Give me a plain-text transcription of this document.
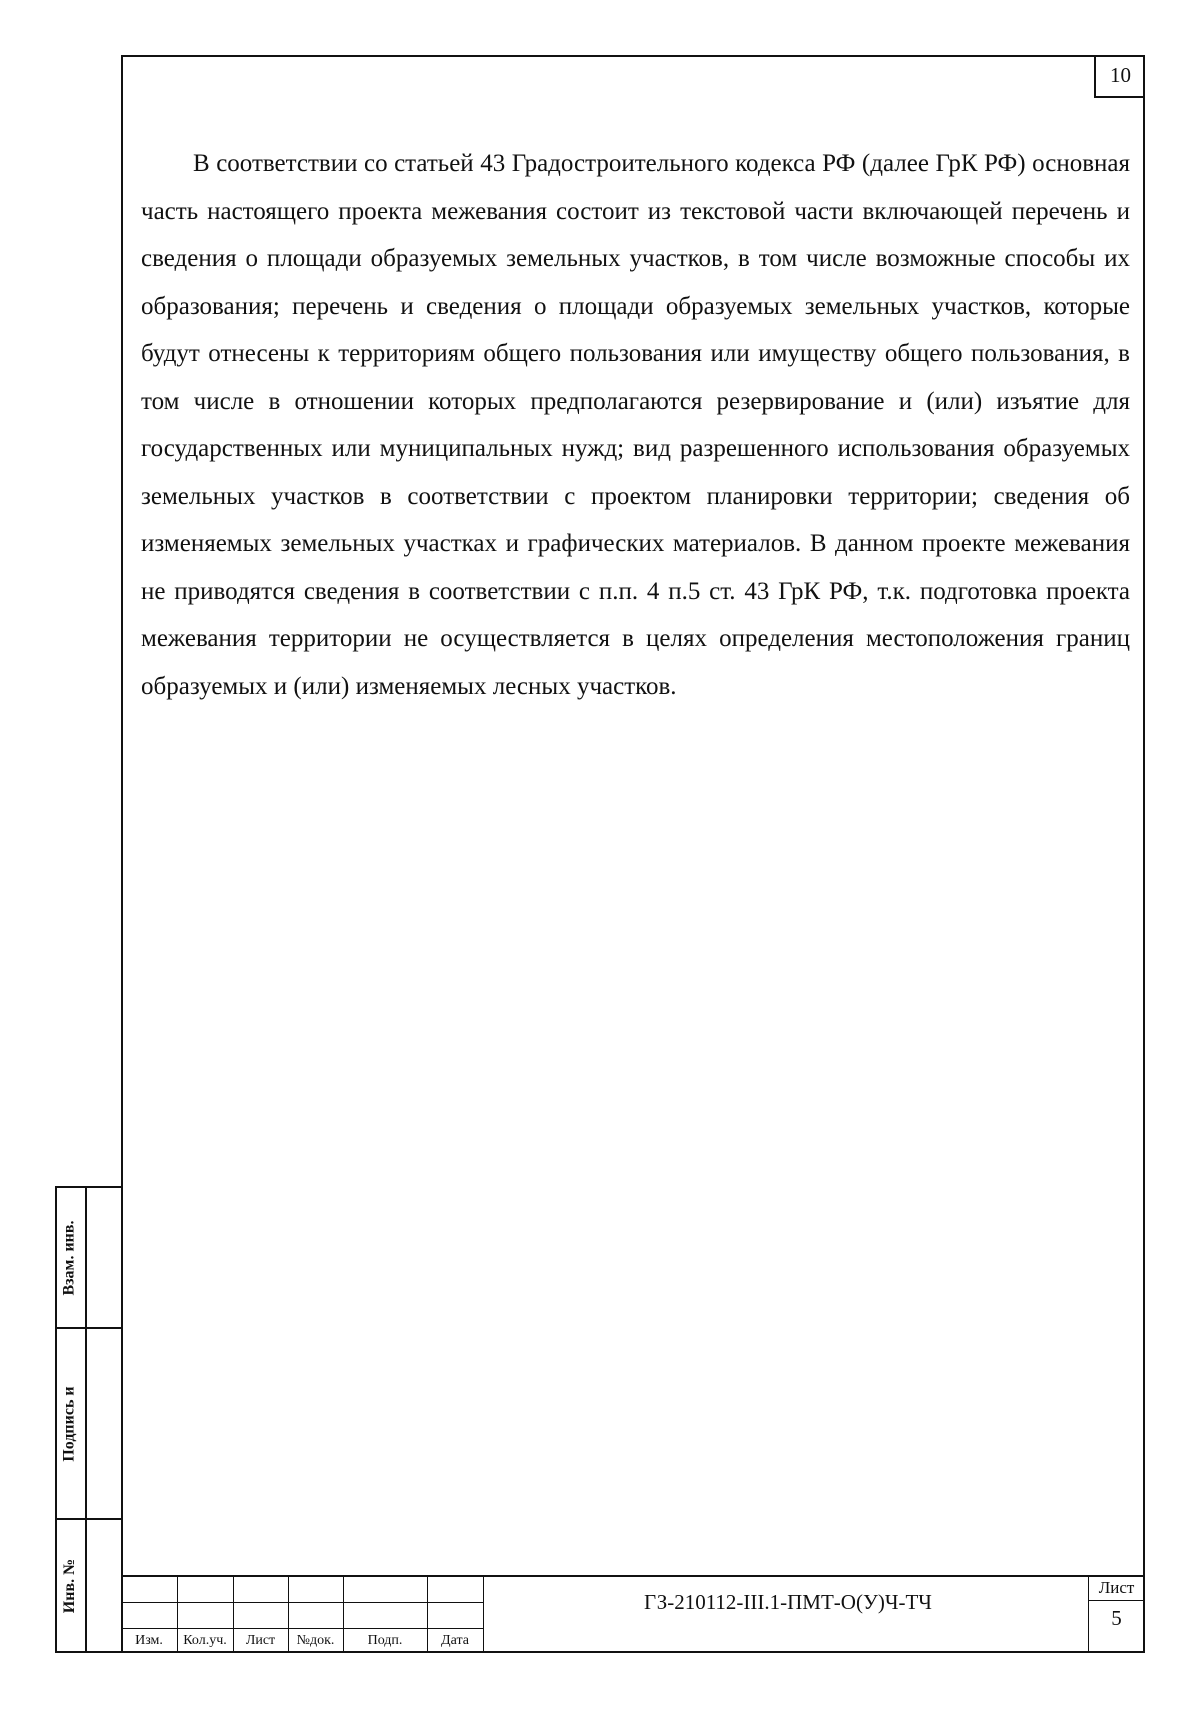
10

В соответствии со статьей 43 Градостроительного кодекса РФ (далее ГрК РФ) основная часть настоящего проекта межевания состоит из текстовой части включающей перечень и сведения о площади образуемых земельных участков, в том числе возможные способы их образования; перечень и сведения о площади образуемых земельных участков, которые будут отнесены к территориям общего пользования или имуществу общего пользования, в том числе в отношении которых предполагаются резервирование и (или) изъятие для государственных или муниципальных нужд; вид разрешенного использования образуемых земельных участков в соответствии с проектом планировки территории; сведения об изменяемых земельных участках и графических материалов. В данном проекте межевания не приводятся сведения в соответствии с п.п. 4 п.5 ст. 43 ГрК РФ, т.к. подготовка проекта межевания территории не осуществляется в целях определения местоположения границ образуемых и (или) изменяемых лесных участков.

Взам. инв.
Подпись и
Инв. №
Изм.	Кол.уч.	Лист	№док.	Подп.	Дата
ГЗ-210112-III.1-ПМТ-О(У)Ч-ТЧ
Лист
5
